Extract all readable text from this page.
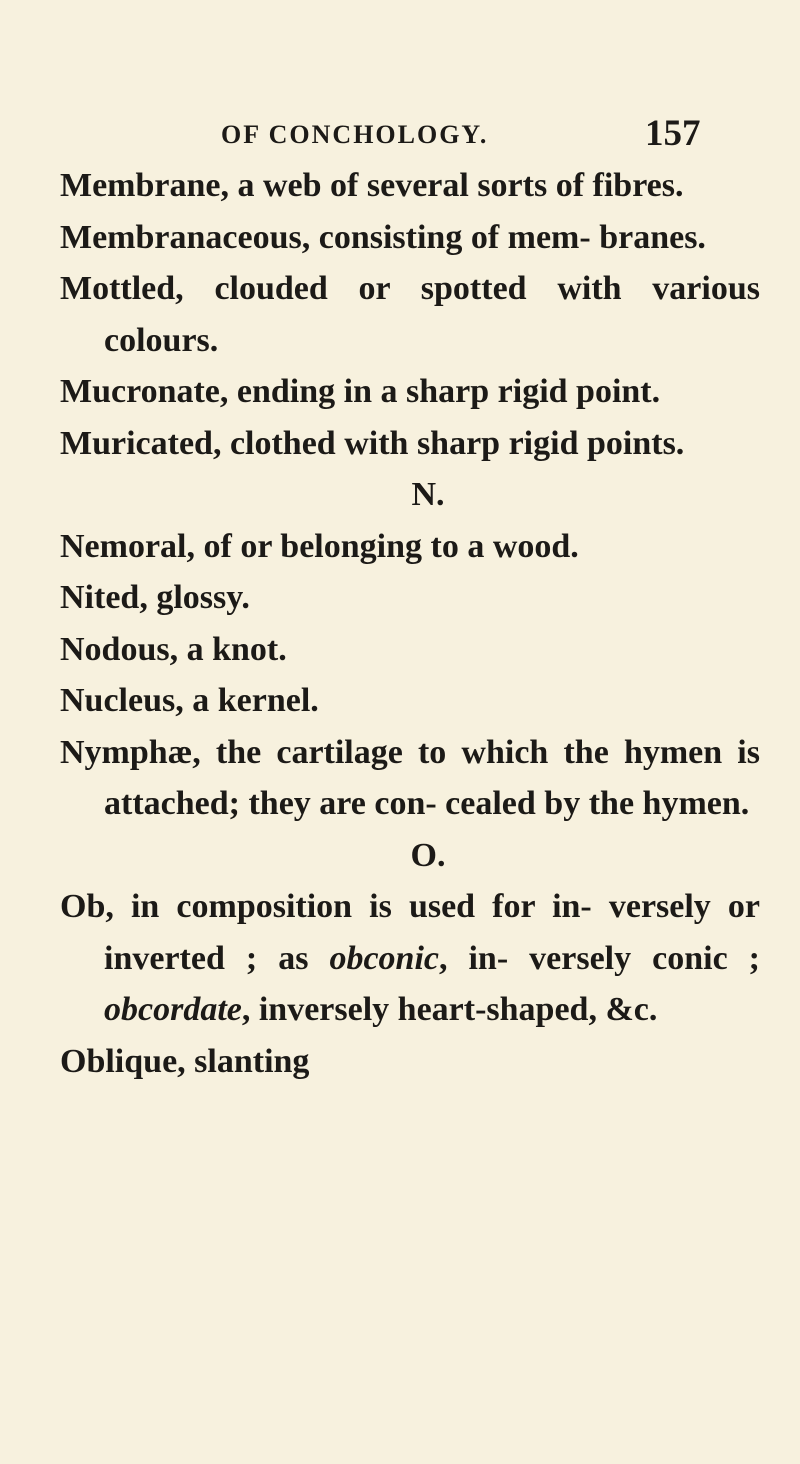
OF CONCHOLOGY.	157

Membrane, a web of several sorts of fibres.

Membranaceous, consisting of mem- branes.

Mottled, clouded or spotted with various colours.

Mucronate, ending in a sharp rigid point.

Muricated, clothed with sharp rigid points.

N.

Nemoral, of or belonging to a wood.

Nited, glossy.

Nodous, a knot.

Nucleus, a kernel.

Nymphæ, the cartilage to which the hymen is attached; they are con- cealed by the hymen.

O.

Ob, in composition is used for in- versely or inverted ; as obconic, in- versely conic ; obcordate, inversely heart-shaped, &c.

Oblique, slanting
